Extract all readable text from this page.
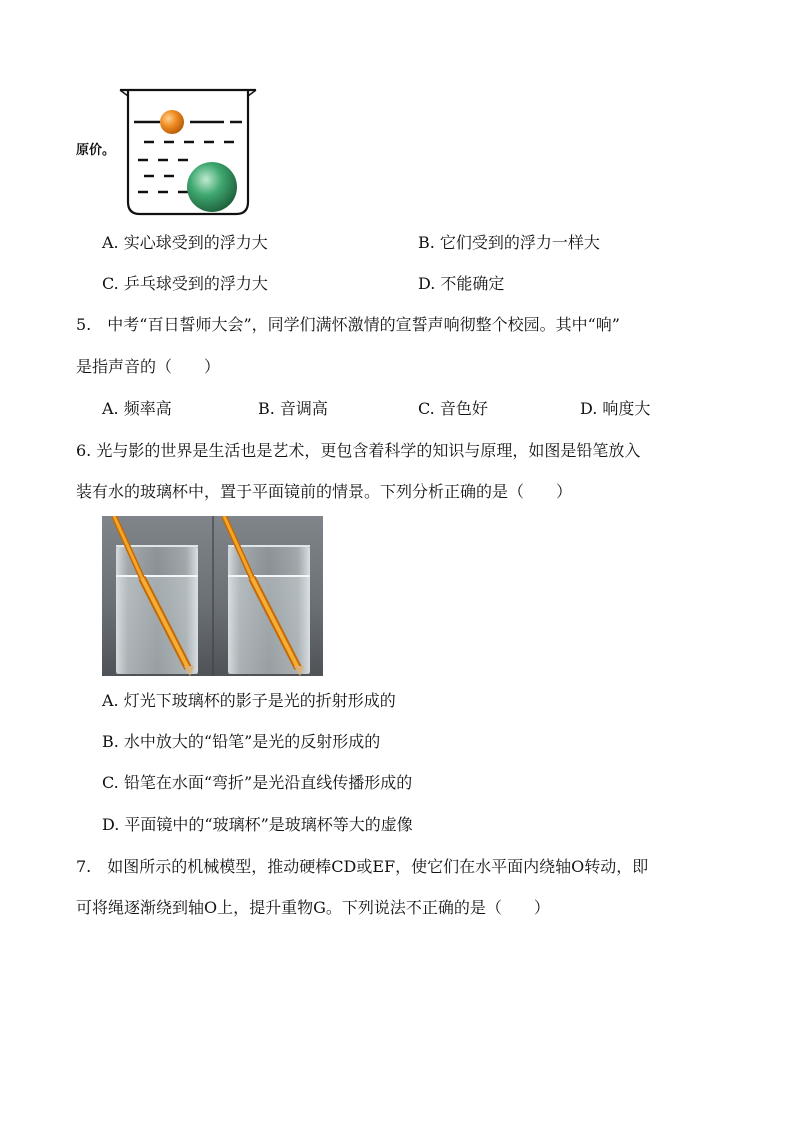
原价。
A. 实心球受到的浮力大	B. 它们受到的浮力一样大
C. 乒乓球受到的浮力大	D. 不能确定
5.　中考“百日誓师大会”，同学们满怀激情的宣誓声响彻整个校园。其中“响”
是指声音的（　　）
A. 频率高	B. 音调高	C. 音色好	D. 响度大
6. 光与影的世界是生活也是艺术，更包含着科学的知识与原理，如图是铅笔放入
装有水的玻璃杯中，置于平面镜前的情景。下列分析正确的是（　　）
A. 灯光下玻璃杯的影子是光的折射形成的
B. 水中放大的“铅笔”是光的反射形成的
C. 铅笔在水面“弯折”是光沿直线传播形成的
D. 平面镜中的“玻璃杯”是玻璃杯等大的虚像
7.　如图所示的机械模型，推动硬棒CD或EF，使它们在水平面内绕轴O转动，即
可将绳逐渐绕到轴O上，提升重物G。下列说法不正确的是（　　）
